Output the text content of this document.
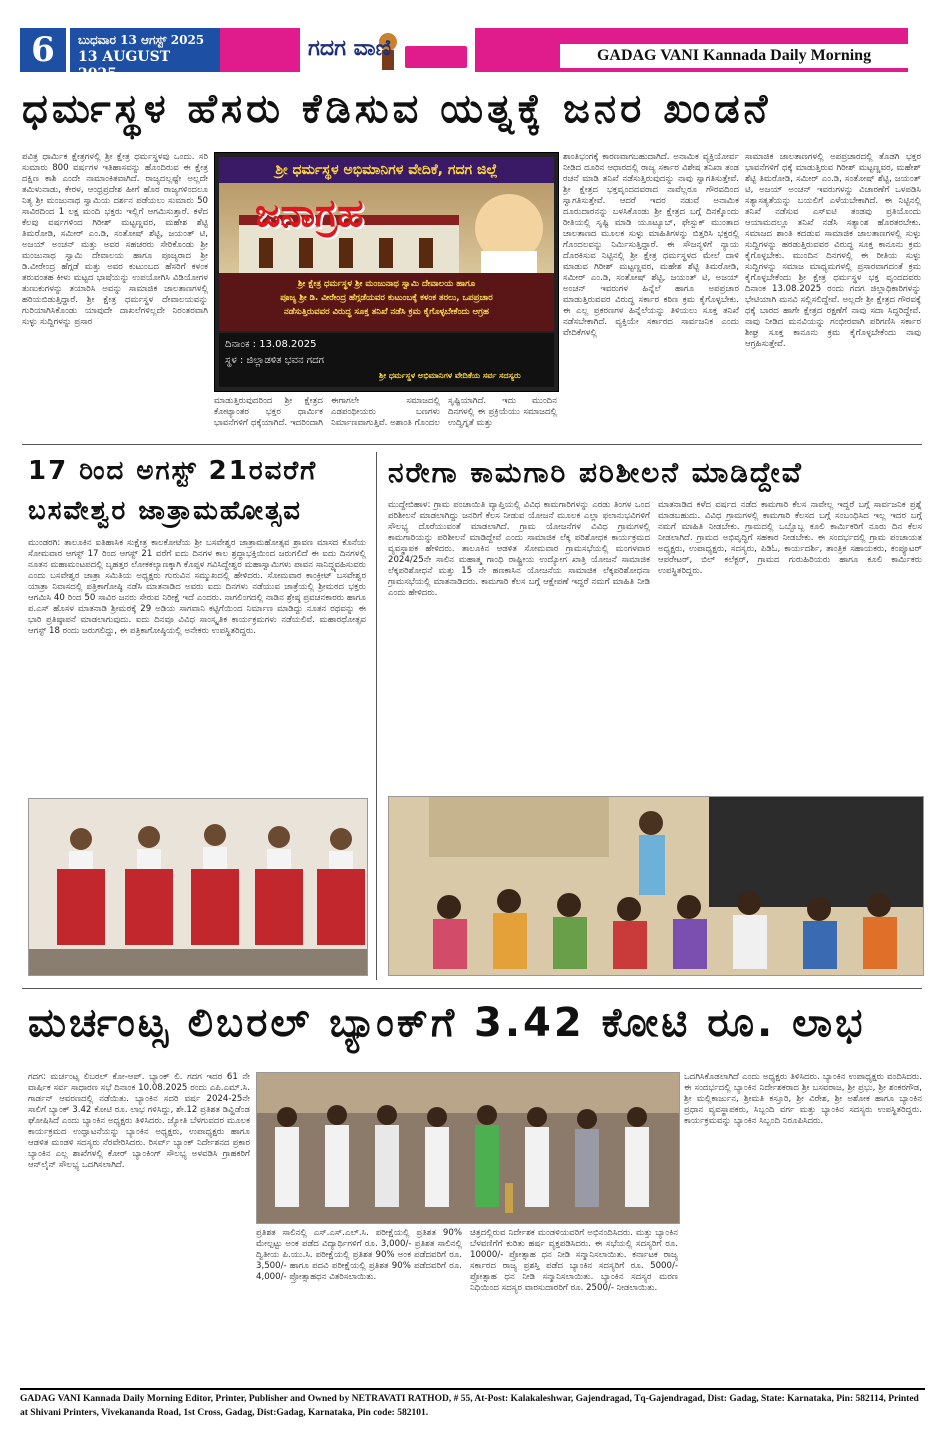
6	ಬುಧವಾರ 13 ಆಗಸ್ಟ್ 2025
13 AUGUST 2025
ಗದಗ ವಾಣಿ	GADAG VANI Kannada Daily Morning
ಧರ್ಮಸ್ಥಳ ಹೆಸರು ಕೆಡಿಸುವ ಯತ್ನಕ್ಕೆ ಜನರ ಖಂಡನೆ
ಪವಿತ್ರ ಧಾರ್ಮಿಕ ಕ್ಷೇತ್ರಗಳಲ್ಲಿ ಶ್ರೀ ಕ್ಷೇತ್ರ ಧರ್ಮಸ್ಥಳವು ಒಂದು. ಸರಿ ಸುಮಾರು 800 ವರ್ಷಗಳ ಇತಿಹಾಸವನ್ನು ಹೊಂದಿರುವ ಈ ಕ್ಷೇತ್ರ ದಕ್ಷಿಣ ಕಾಶಿ ಎಂದೇ ನಾಮಾಂಕಿತವಾಗಿದೆ. ರಾಜ್ಯದಲ್ಲಷ್ಟೇ ಅಲ್ಲದೇ ತಮಿಳುನಾಡು, ಕೇರಳ, ಆಂಧ್ರಪ್ರದೇಶ ಹೀಗೆ ಹೊರ ರಾಜ್ಯಗಳಿಂದಲೂ ನಿತ್ಯ ಶ್ರೀ ಮಂಜುನಾಥ ಸ್ವಾಮಿಯ ದರ್ಶನ ಪಡೆಯಲು ಸುಮಾರು 50 ಸಾವಿರದಿಂದ 1 ಲಕ್ಷ ಮಂದಿ ಭಕ್ತರು ಇಲ್ಲಿಗೆ ಆಗಮಿಸುತ್ತಾರೆ. ಕಳೆದ ಕೆಲವು ವರ್ಷಗಳಿಂದ ಗಿರೀಶ್ ಮಟ್ಟಣ್ಣವರ, ಮಹೇಶ ಶೆಟ್ಟಿ ತಿಮರೋಡಿ, ಸಮೀರ್ ಎಂ.ಡಿ, ಸಂತೋಷ್ ಶೆಟ್ಟಿ, ಜಯಂತ್ ಟಿ, ಅಜಯ್ ಅಂಚನ್ ಮತ್ತು ಅವರ ಸಹಚರರು ಸೇರಿಕೊಂಡು ಶ್ರೀ ಮಂಜುನಾಥ ಸ್ವಾಮಿ ದೇವಾಲಯ ಹಾಗೂ ಪೂಜ್ಯರಾದ ಶ್ರೀ ಡಿ.ವೀರೇಂದ್ರ ಹೆಗ್ಗಡೆ ಮತ್ತು ಅವರ ಕುಟುಂಬದ ಹೆಸರಿಗೆ ಕಳಂಕ ತರುವಂತಹ ಕೀಳು ಮಟ್ಟದ ಭಾಷೆಯನ್ನು ಉಪಯೋಗಿಸಿ ವಿಡಿಯೋಗಳ ತುಣುಕುಗಳನ್ನು ತಯಾರಿಸಿ ಅವನ್ನು ಸಾಮಾಜಿಕ ಜಾಲತಾಣಗಳಲ್ಲಿ ಹರಿಯಬಿಡುತ್ತಿದ್ದಾರೆ. ಶ್ರೀ ಕ್ಷೇತ್ರ ಧರ್ಮಸ್ಥಳ ದೇವಾಲಯವನ್ನು ಗುರಿಯಾಗಿಸಿಕೊಂಡು ಯಾವುದೇ ದಾಖಲೆಗಳಿಲ್ಲದೇ ನಿರಂತರವಾಗಿ ಸುಳ್ಳು ಸುದ್ದಿಗಳನ್ನು ಪ್ರಸಾರ
ಶ್ರೀ ಧರ್ಮಸ್ಥಳ ಅಭಿಮಾನಿಗಳ ವೇದಿಕೆ, ಗದಗ ಜಿಲ್ಲೆ
ಜನಾಗ್ರಹ
ಶ್ರೀ ಕ್ಷೇತ್ರ ಧರ್ಮಸ್ಥಳ ಶ್ರೀ ಮಂಜುನಾಥ ಸ್ವಾಮಿ ದೇವಾಲಯ ಹಾಗೂ
ಪೂಜ್ಯ ಶ್ರೀ ಡಿ. ವೀರೇಂದ್ರ ಹೆಗ್ಗಡೆಯವರ ಕುಟುಂಬಕ್ಕೆ ಕಳಂಕ ತರಲು, ಒಪಪ್ರಚಾರ
ನಡೆಸುತ್ತಿರುವವರ ವಿರುದ್ಧ ಸೂಕ್ತ ತನಿಖೆ ನಡೆಸಿ ಕ್ರಮ ಕೈಗೊಳ್ಳಬೇಕೆಂದು ಆಗ್ರಹ
ದಿನಾಂಕ : 13.08.2025
ಸ್ಥಳ : ಜಿಲ್ಲಾಡಳಿತ ಭವನ ಗದಗ
ಶ್ರೀ ಧರ್ಮಸ್ಥಳ ಅಭಿಮಾನಿಗಳ ವೇದಿಕೆಯ ಸರ್ವ ಸದಸ್ಯರು
ಮಾಡುತ್ತಿರುವುದರಿಂದ ಶ್ರೀ ಕ್ಷೇತ್ರದ ಕೋಟ್ಯಾಂತರ ಭಕ್ತರ ಧಾರ್ಮಿಕ ಭಾವನೆಗಳಿಗೆ ಧಕ್ಕೆಯಾಗಿದೆ. ಇದರಿಂದಾಗಿ ಈಗಾಗಲೇ ಸಮಾಜದಲ್ಲಿ ಎಡಪಂಥೀಯರು ಬಣಗಳು ನಿರ್ಮಾಣವಾಗುತ್ತಿವೆ. ಅಶಾಂತಿ ಗೊಂದಲ ಸೃಷ್ಟಿಯಾಗಿದೆ. ಇದು ಮುಂದಿನ ದಿನಗಳಲ್ಲಿ ಈ ಪ್ರಕ್ರಿಯೆಯು ಸಮಾಜದಲ್ಲಿ ಉದ್ವಿಗ್ನತೆ ಮತ್ತು
ಶಾಂತಿಭಂಗಕ್ಕೆ ಕಾರಣವಾಗಬಹುದಾಗಿದೆ. ಅನಾಮಿಕ ವ್ಯಕ್ತಿಯೋರ್ವ ನೀಡಿದ ದೂರಿನ ಆಧಾರದಲ್ಲಿ ರಾಜ್ಯ ಸರ್ಕಾರ ವಿಶೇಷ ತನಿಖಾ ತಂಡ ರಚನೆ ಮಾಡಿ ತನಿಖೆ ನಡೆಸುತ್ತಿರುವುದನ್ನು ನಾವು ಸ್ವಾಗತಿಸುತ್ತೇವೆ. ಶ್ರೀ ಕ್ಷೇತ್ರದ ಭಕ್ತವೃಂದದವರಾದ ನಾವೆಲ್ಲರೂ ಗೌರವದಿಂದ ಸ್ವಾಗತಿಸುತ್ತೇವೆ. ಆದರೆ ಇದರ ನಡುವೆ ಅನಾಮಿಕ ದೂರುದಾರನನ್ನು ಬಳಸಿಕೊಂಡು ಶ್ರೀ ಕ್ಷೇತ್ರದ ಬಗ್ಗೆ ದಿನಕ್ಕೊಂದು ರೀತಿಯಲ್ಲಿ ಸೃಷ್ಟಿ ಮಾಡಿ ಯೂಟ್ಯೂಬ್, ಫೇಸ್ಬುಕ್ ಮುಂತಾದ ಜಾಲತಾಣದ ಮೂಲಕ ಸುಳ್ಳು ಮಾಹಿತಿಗಳನ್ನು ಬಿತ್ತರಿಸಿ ಭಕ್ತರಲ್ಲಿ ಗೊಂದಲವನ್ನು ನಿರ್ಮಿಸುತ್ತಿದ್ದಾರೆ. ಈ ಸೌಜನ್ಯಳಿಗೆ ನ್ಯಾಯ ದೊರಕಿಸುವ ನಿಟ್ಟಿನಲ್ಲಿ ಶ್ರೀ ಕ್ಷೇತ್ರ ಧರ್ಮಸ್ಥಳದ ಮೇಲೆ ದಾಳಿ ಮಾಡುವ ಗಿರೀಶ್ ಮಟ್ಟಣ್ಣವರ, ಮಹೇಶ ಶೆಟ್ಟಿ ತಿಮರೋಡಿ, ಸಮೀರ್ ಎಂ.ಡಿ, ಸಂತೋಷ್ ಶೆಟ್ಟಿ, ಜಯಂತ್ ಟಿ, ಅಜಯ್ ಅಂಚನ್ ಇವರುಗಳ ಹಿನ್ನೆಲೆ ಹಾಗೂ ಅಪಪ್ರಚಾರ ಮಾಡುತ್ತಿರುವವರ ವಿರುದ್ಧ ಸರ್ಕಾರ ಕಠಿಣ ಕ್ರಮ ಕೈಗೊಳ್ಳಬೇಕು. ಈ ಎಲ್ಲ ಪ್ರಕರಣಗಳ ಹಿನ್ನೆಲೆಯನ್ನು ತಿಳಿಯಲು ಸೂಕ್ತ ತನಿಖೆ ನಡೆಸಬೇಕಾಗಿದೆ. ವ್ಯಕ್ತಿಯೇ ಸರ್ಕಾರದ ಸಾರ್ವಜನಿಕ ಎಂದು ವೇದಿಕೆಗಳಲ್ಲಿ
ಸಾಮಾಜಿಕ ಜಾಲತಾಣಗಳಲ್ಲಿ ಅಪಪ್ರಚಾರದಲ್ಲಿ ತೊಡಗಿ ಭಕ್ತರ ಭಾವನೆಗಳಿಗೆ ಧಕ್ಕೆ ಮಾಡುತ್ತಿರುವ ಗಿರೀಶ್ ಮಟ್ಟಣ್ಣವರ, ಮಹೇಶ್ ಶೆಟ್ಟಿ ತಿಮರೋಡಿ, ಸಮೀರ್ ಎಂ.ಡಿ, ಸಂತೋಷ್ ಶೆಟ್ಟಿ, ಜಯಂತ್ ಟಿ, ಅಜಯ್ ಅಂಚನ್ ಇವರುಗಳನ್ನು ವಿಚಾರಣೆಗೆ ಒಳಪಡಿಸಿ ಸತ್ಯಾಸತ್ಯತೆಯನ್ನು ಬಯಲಿಗೆ ಎಳೆಯಬೇಕಾಗಿದೆ. ಈ ನಿಟ್ಟಿನಲ್ಲಿ ತನಿಖೆ ನಡೆಸುವ ಎಸ್ಐಟಿ ತಂಡವು ಪ್ರತಿಯೊಂದು ಆಯಾಮದಲ್ಲೂ ತನಿಖೆ ನಡೆಸಿ ಸತ್ಯಾಂಶ ಹೊರತರಬೇಕು. ಸಮಾಜದ ಶಾಂತಿ ಕದಡುವ ಸಾಮಾಜಿಕ ಜಾಲತಾಣಗಳಲ್ಲಿ ಸುಳ್ಳು ಸುದ್ದಿಗಳನ್ನು ಹರಡುತ್ತಿರುವವರ ವಿರುದ್ಧ ಸೂಕ್ತ ಕಾನೂನು ಕ್ರಮ ಕೈಗೊಳ್ಳಬೇಕು. ಮುಂದಿನ ದಿನಗಳಲ್ಲಿ ಈ ರೀತಿಯ ಸುಳ್ಳು ಸುದ್ದಿಗಳನ್ನು ಸಮಾಜ ಮಾಧ್ಯಮಗಳಲ್ಲಿ ಪ್ರಸಾರವಾಗದಂತೆ ಕ್ರಮ ಕೈಗೊಳ್ಳಬೇಕೆಂದು ಶ್ರೀ ಕ್ಷೇತ್ರ ಧರ್ಮಸ್ಥಳ ಭಕ್ತ ವೃಂದದವರು ದಿನಾಂಕ 13.08.2025 ರಂದು ಗದಗ ಜಿಲ್ಲಾಧಿಕಾರಿಗಳನ್ನು ಭೇಟಿಯಾಗಿ ಮನವಿ ಸಲ್ಲಿಸಲಿದ್ದೇವೆ. ಅಲ್ಲದೇ ಶ್ರೀ ಕ್ಷೇತ್ರದ ಗೌರವಕ್ಕೆ ಧಕ್ಕೆ ಬಾರದ ಹಾಗೇ ಕ್ಷೇತ್ರದ ರಕ್ಷಣೆಗೆ ನಾವು ಸದಾ ಸಿದ್ಧರಿದ್ದೇವೆ. ನಾವು ನೀಡಿದ ಮನವಿಯನ್ನು ಗಂಭೀರವಾಗಿ ಪರಿಗಣಿಸಿ ಸರ್ಕಾರ ಶೀಘ್ರ ಸೂಕ್ತ ಕಾನೂನು ಕ್ರಮ ಕೈಗೊಳ್ಳಬೇಕೆಂದು ನಾವು ಆಗ್ರಹಿಸುತ್ತೇವೆ.
17 ರಿಂದ ಅಗಸ್ಟ್ 21ರವರೆಗೆ
ಬಸವೇಶ್ವರ ಜಾತ್ರಾಮಹೋತ್ಸವ
ಮುಂಡರಗಿ: ತಾಲೂಕಿನ ಐತಿಹಾಸಿಕ ಸುಕ್ಷೇತ್ರ ಕಾಲಕೋಟೆಯ ಶ್ರೀ ಬಸವೇಶ್ವರ ಜಾತ್ರಾಮಹೋತ್ಸವ ಶ್ರಾವಣ ಮಾಸದ ಕೊನೆಯ ಸೋಮವಾರ ಆಗಸ್ಟ್ 17 ರಿಂದ ಆಗಸ್ಟ್ 21 ವರೆಗೆ ಐದು ದಿನಗಳ ಕಾಲ ಶ್ರದ್ಧಾಭಕ್ತಿಯಿಂದ ಜರುಗಲಿದೆ ಈ ಐದು ದಿನಗಳಲ್ಲಿ ನೂತನ ಮಹಾಮಂಟಪದಲ್ಲಿ ಬೃಹತ್ತರ ಲೋಕಕಲ್ಯಾಣಕ್ಕಾಗಿ ಕೊಪ್ಪಳ ಗವಿಸಿದ್ಧೇಶ್ವರ ಮಹಾಸ್ವಾಮಿಗಳು ಪಾವನ ಸಾನಿದ್ಧ್ಯವಹಿಸುವರು ಎಂದು ಬಸವೇಶ್ವರ ಜಾತ್ರಾ ಸಮಿತಿಯ ಅಧ್ಯಕ್ಷರು ಗುರುವಿನ ಸಮ್ಮುಖದಲ್ಲಿ ಹೇಳಿದರು. ಸೋಮವಾರ ಕಾಂಕ್ರೀಟ್ ಬಸವೇಶ್ವರ ಯಾತ್ರಾ ನಿವಾಸದಲ್ಲಿ ಪತ್ರಿಕಾಗೋಷ್ಠಿ ನಡೆಸಿ ಮಾತನಾಡಿದ ಅವರು ಐದು ದಿನಗಳು ನಡೆಯುವ ಜಾತ್ರೆಯಲ್ಲಿ ಶ್ರೀಮಠದ ಭಕ್ತರು ಆಗಮಿಸಿ 40 ರಿಂದ 50 ಸಾವಿರ ಜನರು ಸೇರುವ ನಿರೀಕ್ಷೆ ಇದೆ ಎಂದರು. ನಾಗಲಿಂಗದಲ್ಲಿ ನಾಡಿನ ಶ್ರೇಷ್ಠ ಪ್ರವಚನಕಾರರು ಹಾಗೂ ಪ.ಎಸ್ ಹೊಸಳ ಮಾತನಾಡಿ ಶ್ರೀಮಠಕ್ಕೆ 29 ಅಡಿಯ ಸಾಗವಾನಿ ಕಟ್ಟಿಗೆಯಿಂದ ನಿರ್ಮಾಣ ಮಾಡಿದ್ದು ನೂತನ ರಥವನ್ನು ಈ ಭಾರಿ ಪ್ರತಿಷ್ಠಾಪನೆ ಮಾಡಲಾಗುವುದು. ಐದು ದಿನವೂ ವಿವಿಧ ಸಾಂಸ್ಕೃತಿಕ ಕಾರ್ಯಕ್ರಮಗಳು ನಡೆಯಲಿವೆ. ಮಹಾರಥೋತ್ಸವ ಆಗಸ್ಟ್ 18 ರಂದು ಜರುಗಲಿದ್ದು, ಈ ಪತ್ರಿಕಾಗೋಷ್ಠಿಯಲ್ಲಿ ಅನೇಕರು ಉಪಸ್ಥಿತರಿದ್ದರು.
ನರೇಗಾ ಕಾಮಗಾರಿ ಪರಿಶೀಲನೆ ಮಾಡಿದ್ದೇವೆ
ಮುದ್ದೇಬಿಹಾಳ: ಗ್ರಾಮ ಪಂಚಾಯಿತಿ ವ್ಯಾಪ್ತಿಯಲ್ಲಿ ವಿವಿಧ ಕಾಮಗಾರಿಗಳನ್ನು ಎರಡು ತಿಂಗಳ ಒಂದ ಪರಿಶೀಲನೆ ಮಾಡಲಾಗಿದ್ದು ಜನರಿಗೆ ಕೆಲಸ ನೀಡುವ ಯೋಜನೆ ಮೂಲಕ ಎಲ್ಲಾ ಫಲಾನುಭವಿಗಳಿಗೆ ಸೌಲಭ್ಯ ದೊರೆಯುವಂತೆ ಮಾಡಲಾಗಿದೆ. ಗ್ರಾಮ ಯೋಜನೆಗಳ ವಿವಿಧ ಗ್ರಾಮಗಳಲ್ಲಿ ಕಾಮಗಾರಿಯನ್ನು ಪರಿಶೀಲನೆ ಮಾಡಿದ್ದೇವೆ ಎಂದು ಸಾಮಾಜಿಕ ಲೆಕ್ಕ ಪರಿಶೋಧಕ ಕಾರ್ಯಕ್ರಮದ ವ್ಯವಸ್ಥಾಪಕ ಹೇಳಿದರು. ತಾಲೂಕಿನ ಆಡಳಿತ ಸೋಮವಾರ ಗ್ರಾಮಸಭೆಯಲ್ಲಿ ಮಂಗಳವಾರ 2024/25ನೇ ಸಾಲಿನ ಮಹಾತ್ಮ ಗಾಂಧಿ ರಾಷ್ಟ್ರೀಯ ಉದ್ಯೋಗ ಖಾತ್ರಿ ಯೋಜನೆ ಸಾಮಾಜಿಕ ಲೆಕ್ಕಪರಿಶೋಧನೆ ಮತ್ತು 15 ನೇ ಹಣಕಾಸಿನ ಯೋಜನೆಯ ಸಾಮಾಜಿಕ ಲೆಕ್ಕಪರಿಶೋಧನಾ ಗ್ರಾಮಸಭೆಯಲ್ಲಿ ಮಾತನಾಡಿದರು. ಕಾಮಗಾರಿ ಕೆಲಸ ಬಗ್ಗೆ ಆಕ್ಷೇಪಣೆ ಇದ್ದರೆ ನಮಗೆ ಮಾಹಿತಿ ನೀಡಿ ಎಂದು ಹೇಳಿದರು.
ಮಾತನಾಡಿದ ಕಳೆದ ವರ್ಷದ ನಡೆದ ಕಾಮಗಾರಿ ಕೆಲಸ ನಾವೇಲ್ಲ ಇದ್ದರೆ ಬಗ್ಗೆ ಸಾರ್ವಜನಿಕ ಪ್ರಶ್ನೆ ಮಾಡಬಹುದು. ವಿವಿಧ ಗ್ರಾಮಗಳಲ್ಲಿ ಕಾಮಗಾರಿ ಕೆಲಸದ ಬಗ್ಗೆ ಸಂಬಂಧಿಸಿದ ಇಲ್ಲ ಇದರ ಬಗ್ಗೆ ನಮಗೆ ಮಾಹಿತಿ ನೀಡಬೇಕು. ಗ್ರಾಮದಲ್ಲಿ ಒಬ್ಬೊಬ್ಬ ಕೂಲಿ ಕಾರ್ಮಿಕರಿಗೆ ನೂರು ದಿನ ಕೆಲಸ ನೀಡಲಾಗಿದೆ. ಗ್ರಾಮದ ಅಭಿವೃದ್ಧಿಗೆ ಸಹಕಾರ ನೀಡಬೇಕು. ಈ ಸಂದರ್ಭದಲ್ಲಿ ಗ್ರಾಮ ಪಂಚಾಯತ ಅಧ್ಯಕ್ಷರು, ಉಪಾಧ್ಯಕ್ಷರು, ಸದಸ್ಯರು, ಪಿಡಿಓ, ಕಾರ್ಯದರ್ಶಿ, ತಾಂತ್ರಿಕ ಸಹಾಯಕರು, ಕಂಪ್ಯೂಟರ್ ಆಪರೇಟರ್, ಬಿಲ್ ಕಲೆಕ್ಟರ್, ಗ್ರಾಮದ ಗುರುಹಿರಿಯರು ಹಾಗೂ ಕೂಲಿ ಕಾರ್ಮಿಕರು ಉಪಸ್ಥಿತರಿದ್ದರು.
ಮರ್ಚಂಟ್ಸ ಲಿಬರಲ್ ಬ್ಯಾಂಕ್‌ಗೆ 3.42 ಕೋಟಿ ರೂ. ಲಾಭ
ಗದಗ: ಮರ್ಚಂಟ್ಸ ಲಿಬರಲ್ ಕೋ-ಆಪ್. ಬ್ಯಾಂಕ್ ಲಿ. ಗದಗ ಇದರ 61 ನೇ ವಾರ್ಷಿಕ ಸರ್ವ ಸಾಧಾರಣ ಸಭೆ ದಿನಾಂಕ 10.08.2025 ರಂದು ಎಪಿ.ಎಮ್.ಸಿ. ಗಾರ್ಡನ್ ಆವರಣದಲ್ಲಿ ನಡೆಯಿತು. ಬ್ಯಾಂಕಿನ ಸದರಿ ವರ್ಷ 2024-25ನೇ ಸಾಲಿಗೆ ಬ್ಯಾಂಕ್ 3.42 ಕೋಟಿ ರೂ. ಲಾಭ ಗಳಿಸಿದ್ದು, ಶೇ.12 ಪ್ರತಿಶತ ಡಿವ್ಹಿಡೆಂಡ ಘೋಷಿಸಿದೆ ಎಂದು ಬ್ಯಾಂಕಿನ ಅಧ್ಯಕ್ಷರು ತಿಳಿಸಿದರು. ಜ್ಯೋತಿ ಬೆಳಗುವದರ ಮೂಲಕ ಕಾರ್ಯಕ್ರಮದ ಉದ್ಘಾಟನೆಯನ್ನು ಬ್ಯಾಂಕಿನ ಅಧ್ಯಕ್ಷರು, ಉಪಾಧ್ಯಕ್ಷರು ಹಾಗೂ ಆಡಳಿತ ಮಂಡಳಿ ಸದಸ್ಯರು ನೆರವೇರಿಸಿದರು. ರಿಸರ್ವ್ ಬ್ಯಾಂಕ್ ನಿರ್ದೇಶನದ ಪ್ರಕಾರ ಬ್ಯಾಂಕಿನ ಎಲ್ಲ ಶಾಖೆಗಳಲ್ಲಿ ಕೋರ್ ಬ್ಯಾಂಕಿಂಗ್ ಸೌಲಭ್ಯ ಅಳವಡಿಸಿ ಗ್ರಾಹಕರಿಗೆ ಆನ್‌ಲೈನ್ ಸೌಲಭ್ಯ ಒದಗಿಸಲಾಗಿದೆ.
ಪ್ರತಿಶತ ಸಾಲಿನಲ್ಲಿ ಎಸ್.ಎಸ್.ಎಲ್.ಸಿ. ಪರೀಕ್ಷೆಯಲ್ಲಿ ಪ್ರತಿಶತ 90% ಮೇಲ್ಪಟ್ಟು ಅಂಕ ಪಡೆದ ವಿದ್ಯಾರ್ಥಿಗಳಿಗೆ ರೂ. 3,000/- ಪ್ರತಿಶತ ಸಾಲಿನಲ್ಲಿ ದ್ವಿತೀಯ ಪಿ.ಯು.ಸಿ. ಪರೀಕ್ಷೆಯಲ್ಲಿ ಪ್ರತಿಶತ 90% ಅಂಕ ಪಡೆದವರಿಗೆ ರೂ. 3,500/- ಹಾಗೂ ಪದವಿ ಪರೀಕ್ಷೆಯಲ್ಲಿ ಪ್ರತಿಶತ 90% ಪಡೆದವರಿಗೆ ರೂ. 4,000/- ಪ್ರೋತ್ಸಾಹಧನ ವಿತರಿಸಲಾಯಿತು.
ಚಿತ್ರದಲ್ಲಿರುವ ನಿರ್ದೇಶಕ ಮಂಡಳಿಯವರಿಗೆ ಅಭಿನಂದಿಸಿದರು. ಮತ್ತು ಬ್ಯಾಂಕಿನ ಬೆಳವಣಿಗೆಗೆ ಕುರಿತು ಹರ್ಷ ವ್ಯಕ್ತಪಡಿಸಿದರು. ಈ ಸಭೆಯಲ್ಲಿ ಸದಸ್ಯರಿಗೆ ರೂ. 10000/- ಪ್ರೋತ್ಸಾಹ ಧನ ನೀಡಿ ಸನ್ಮಾನಿಸಲಾಯಿತು. ಕರ್ನಾಟಕ ರಾಜ್ಯ ಸರ್ಕಾರದ ರಾಜ್ಯ ಪ್ರಶಸ್ತಿ ಪಡೆದ ಬ್ಯಾಂಕಿನ ಸದಸ್ಯರಿಗೆ ರೂ. 5000/- ಪ್ರೋತ್ಸಾಹ ಧನ ನೀಡಿ ಸನ್ಮಾನಿಸಲಾಯಿತು. ಬ್ಯಾಂಕಿನ ಸದಸ್ಯರ ಮರಣ ನಿಧಿಯಿಂದ ಸದಸ್ಯರ ವಾರಸುದಾರರಿಗೆ ರೂ. 2500/- ನೀಡಲಾಯಿತು.
ಒದಗಿಸಿಕೊಡಲಾಗಿದೆ ಎಂದು ಅಧ್ಯಕ್ಷರು ತಿಳಿಸಿದರು. ಬ್ಯಾಂಕಿನ ಉಪಾಧ್ಯಕ್ಷರು ವಂದಿಸಿದರು. ಈ ಸಂದರ್ಭದಲ್ಲಿ ಬ್ಯಾಂಕಿನ ನಿರ್ದೇಶಕರಾದ ಶ್ರೀ ಬಸವರಾಜ, ಶ್ರೀ ಪ್ರಭು, ಶ್ರೀ ಶಂಕರಗೌಡ, ಶ್ರೀ ಮಲ್ಲಿಕಾರ್ಜುನ, ಶ್ರೀಮತಿ ಕಸ್ತೂರಿ, ಶ್ರೀ ವಿರೇಶ, ಶ್ರೀ ಅಶೋಕ ಹಾಗೂ ಬ್ಯಾಂಕಿನ ಪ್ರಧಾನ ವ್ಯವಸ್ಥಾಪಕರು, ಸಿಬ್ಬಂದಿ ವರ್ಗ ಮತ್ತು ಬ್ಯಾಂಕಿನ ಸದಸ್ಯರು ಉಪಸ್ಥಿತರಿದ್ದರು. ಕಾರ್ಯಕ್ರಮವನ್ನು ಬ್ಯಾಂಕಿನ ಸಿಬ್ಬಂದಿ ನಿರೂಪಿಸಿದರು.
GADAG VANI Kannada Daily Morning Editor, Printer, Publisher and Owned by NETRAVATI RATHOD, # 55, At-Post: Kalakaleshwar, Gajendragad, Tq-Gajendragad, Dist: Gadag, State: Karnataka, Pin: 582114, Printed at Shivani Printers, Vivekananda Road, 1st Cross, Gadag, Dist:Gadag, Karnataka, Pin code: 582101.
